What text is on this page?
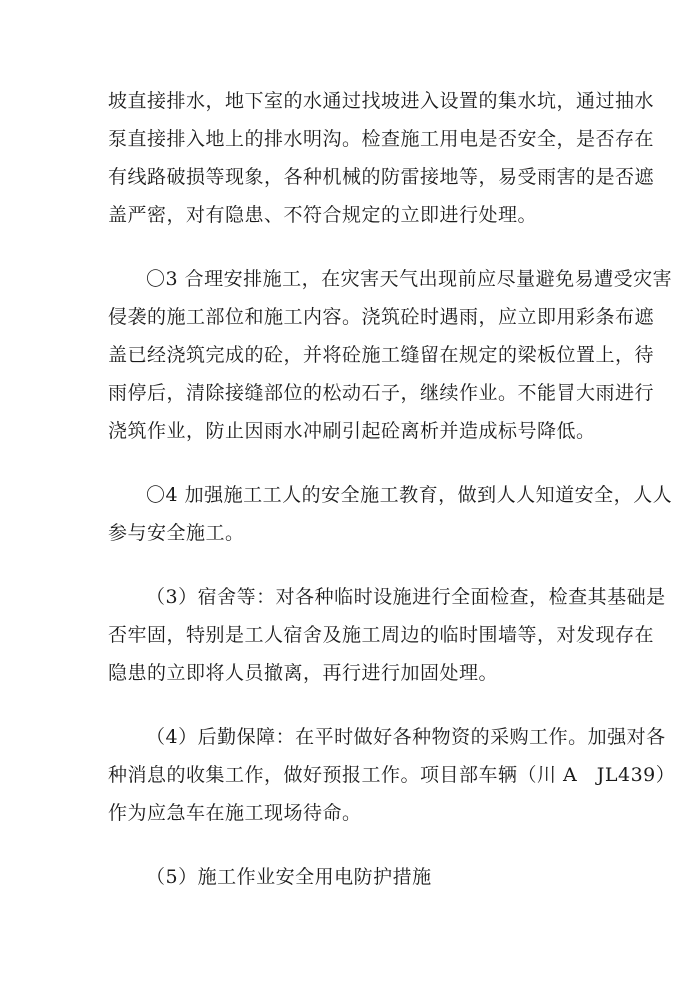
坡直接排水，地下室的水通过找坡进入设置的集水坑，通过抽水
泵直接排入地上的排水明沟。检查施工用电是否安全，是否存在
有线路破损等现象，各种机械的防雷接地等，易受雨害的是否遮
盖严密，对有隐患、不符合规定的立即进行处理。

〇3 合理安排施工，在灾害天气出现前应尽量避免易遭受灾害
侵袭的施工部位和施工内容。浇筑砼时遇雨，应立即用彩条布遮
盖已经浇筑完成的砼，并将砼施工缝留在规定的梁板位置上，待
雨停后，清除接缝部位的松动石子，继续作业。不能冒大雨进行
浇筑作业，防止因雨水冲刷引起砼离析并造成标号降低。

〇4 加强施工工人的安全施工教育，做到人人知道安全，人人
参与安全施工。

（3）宿舍等：对各种临时设施进行全面检查，检查其基础是
否牢固，特别是工人宿舍及施工周边的临时围墙等，对发现存在
隐患的立即将人员撤离，再行进行加固处理。

（4）后勤保障：在平时做好各种物资的采购工作。加强对各
种消息的收集工作，做好预报工作。项目部车辆（川 A　JL439）
作为应急车在施工现场待命。

（5）施工作业安全用电防护措施
